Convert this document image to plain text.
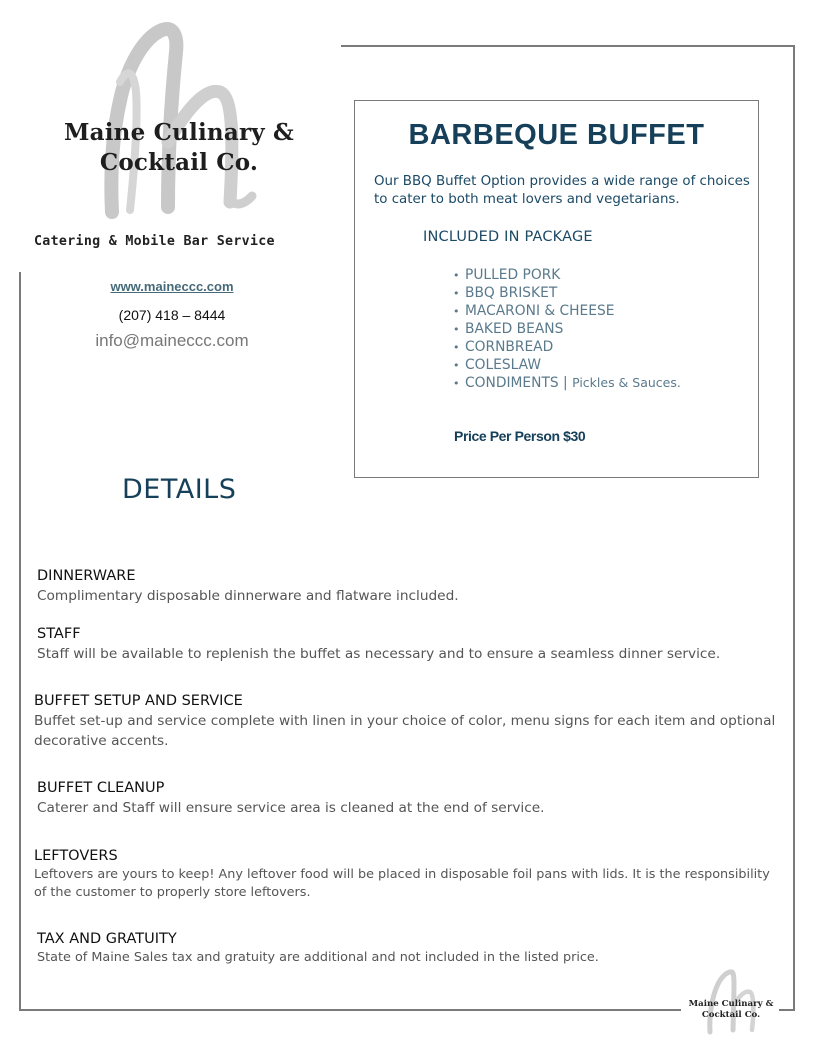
Maine Culinary &
Cocktail Co.
Catering & Mobile Bar Service
www.maineccc.com
(207) 418 – 8444
info@maineccc.com
BARBEQUE BUFFET
Our BBQ Buffet Option provides a wide range of choices to cater to both meat lovers and vegetarians.
INCLUDED IN PACKAGE
• PULLED PORK
• BBQ BRISKET
• MACARONI & CHEESE
• BAKED BEANS
• CORNBREAD
• COLESLAW
• CONDIMENTS | Pickles & Sauces.
Price Per Person $30
DETAILS
DINNERWARE
Complimentary disposable dinnerware and flatware included.
STAFF
Staff will be available to replenish the buffet as necessary and to ensure a seamless dinner service.
BUFFET SETUP AND SERVICE
Buffet set-up and service complete with linen in your choice of color, menu signs for each item and optional decorative accents.
BUFFET CLEANUP
Caterer and Staff will ensure service area is cleaned at the end of service.
LEFTOVERS
Leftovers are yours to keep! Any leftover food will be placed in disposable foil pans with lids. It is the responsibility of the customer to properly store leftovers.
TAX AND GRATUITY
State of Maine Sales tax and gratuity are additional and not included in the listed price.
Maine Culinary &
Cocktail Co.
